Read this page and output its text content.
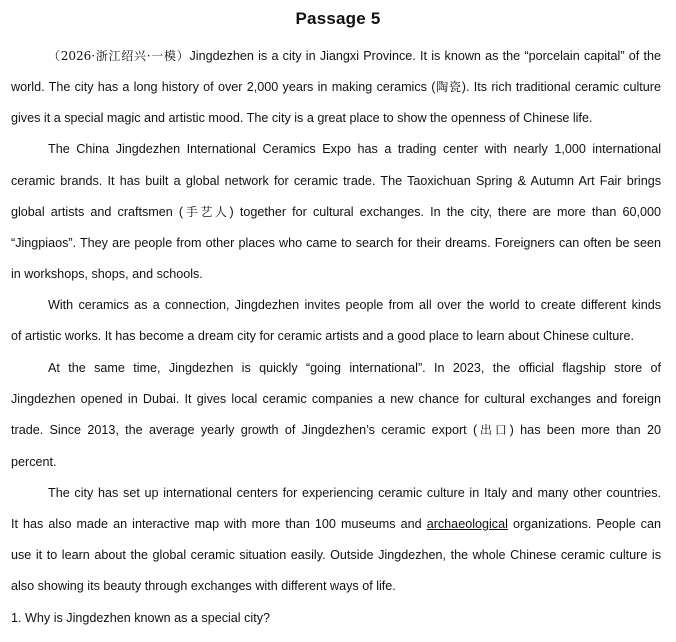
Passage 5
（2026·浙江绍兴·一模）Jingdezhen is a city in Jiangxi Province. It is known as the “porcelain capital” of the
world. The city has a long history of over 2,000 years in making ceramics (陶瓷). Its rich traditional ceramic culture
gives it a special magic and artistic mood. The city is a great place to show the openness of Chinese life.
The China Jingdezhen International Ceramics Expo has a trading center with nearly 1,000 international
ceramic brands. It has built a global network for ceramic trade. The Taoxichuan Spring & Autumn Art Fair brings
global artists and craftsmen (手艺人) together for cultural exchanges. In the city, there are more than 60,000
“Jingpiaos”. They are people from other places who came to search for their dreams. Foreigners can often be seen
in workshops, shops, and schools.
With ceramics as a connection, Jingdezhen invites people from all over the world to create different kinds
of artistic works. It has become a dream city for ceramic artists and a good place to learn about Chinese culture.
At the same time, Jingdezhen is quickly “going international”. In 2023, the official flagship store of
Jingdezhen opened in Dubai. It gives local ceramic companies a new chance for cultural exchanges and foreign
trade. Since 2013, the average yearly growth of Jingdezhen’s ceramic export (出口) has been more than 20
percent.
The city has set up international centers for experiencing ceramic culture in Italy and many other countries.
It has also made an interactive map with more than 100 museums and archaeological organizations. People can
use it to learn about the global ceramic situation easily. Outside Jingdezhen, the whole Chinese ceramic culture is
also showing its beauty through exchanges with different ways of life.
1. Why is Jingdezhen known as a special city?
